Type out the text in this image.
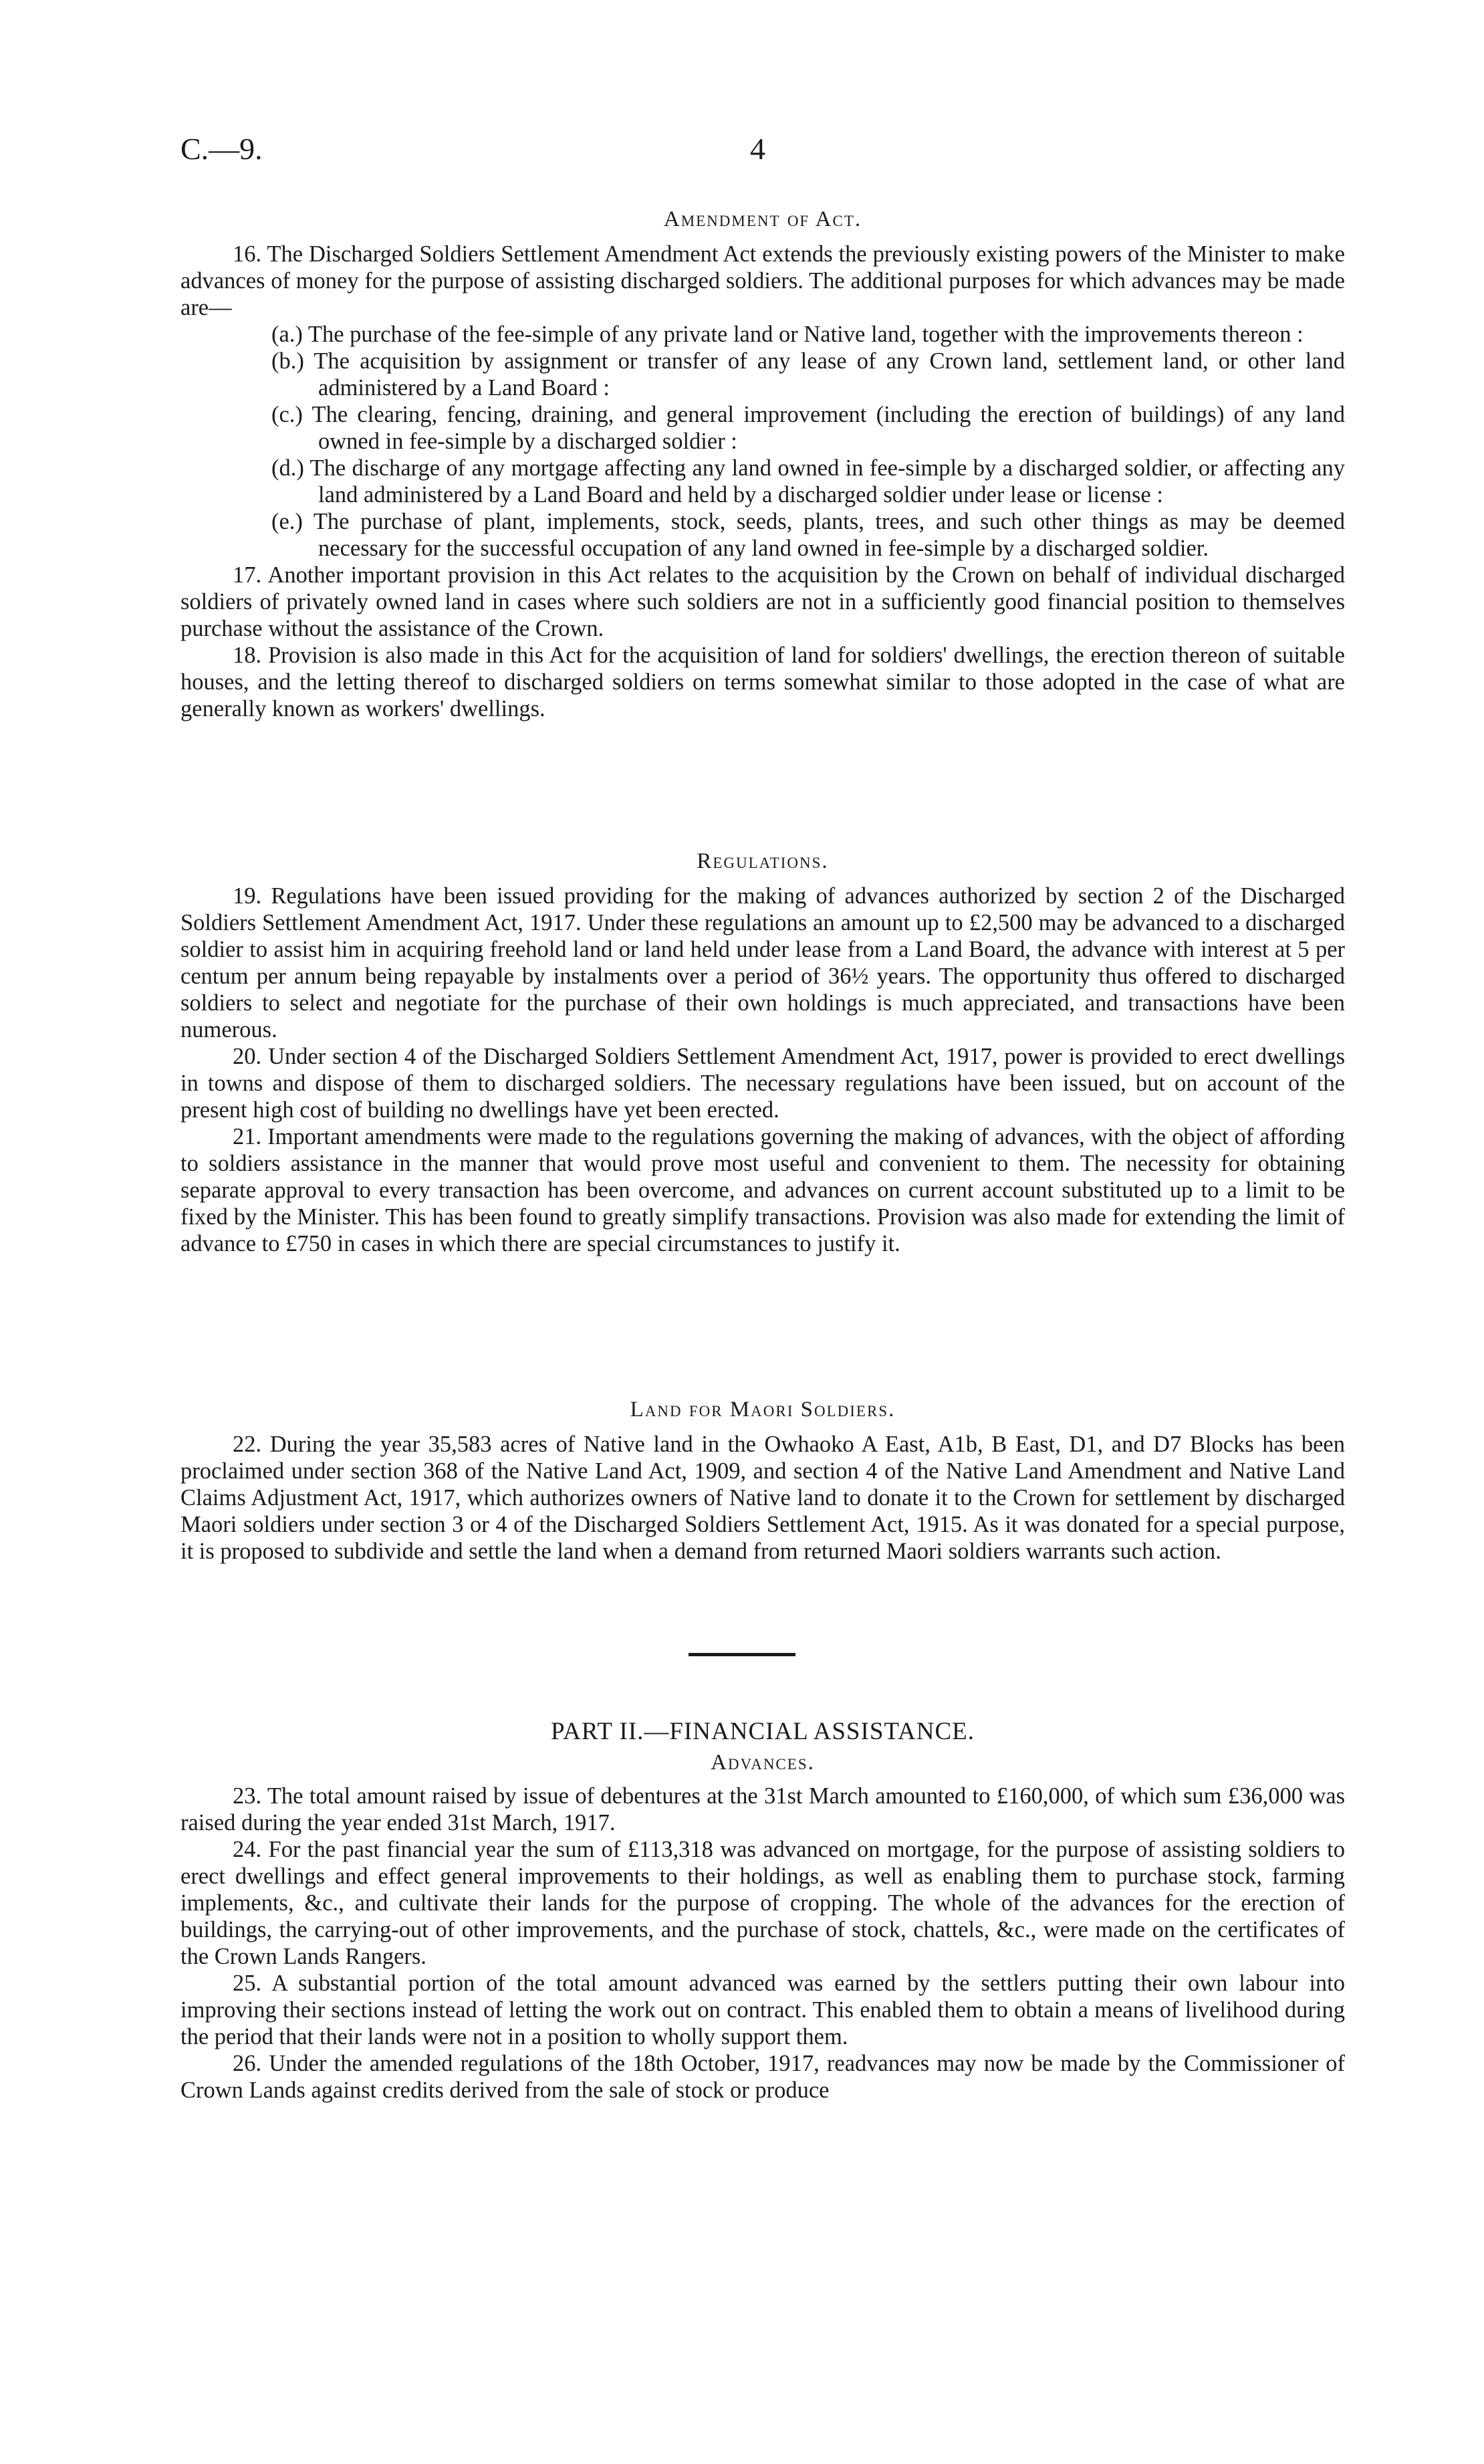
C.—9.	4

Amendment of Act.

16. The Discharged Soldiers Settlement Amendment Act extends the previously existing powers of the Minister to make advances of money for the purpose of assisting discharged soldiers. The additional purposes for which advances may be made are—

(a.) The purchase of the fee-simple of any private land or Native land, together with the improvements thereon :

(b.) The acquisition by assignment or transfer of any lease of any Crown land, settlement land, or other land administered by a Land Board :

(c.) The clearing, fencing, draining, and general improvement (including the erection of buildings) of any land owned in fee-simple by a discharged soldier :

(d.) The discharge of any mortgage affecting any land owned in fee-simple by a discharged soldier, or affecting any land administered by a Land Board and held by a discharged soldier under lease or license :

(e.) The purchase of plant, implements, stock, seeds, plants, trees, and such other things as may be deemed necessary for the successful occupation of any land owned in fee-simple by a discharged soldier.

17. Another important provision in this Act relates to the acquisition by the Crown on behalf of individual discharged soldiers of privately owned land in cases where such soldiers are not in a sufficiently good financial position to themselves purchase without the assistance of the Crown.

18. Provision is also made in this Act for the acquisition of land for soldiers' dwellings, the erection thereon of suitable houses, and the letting thereof to discharged soldiers on terms somewhat similar to those adopted in the case of what are generally known as workers' dwellings.

Regulations.

19. Regulations have been issued providing for the making of advances authorized by section 2 of the Discharged Soldiers Settlement Amendment Act, 1917. Under these regulations an amount up to £2,500 may be advanced to a discharged soldier to assist him in acquiring freehold land or land held under lease from a Land Board, the advance with interest at 5 per centum per annum being repayable by instalments over a period of 36½ years. The opportunity thus offered to discharged soldiers to select and negotiate for the purchase of their own holdings is much appreciated, and transactions have been numerous.

20. Under section 4 of the Discharged Soldiers Settlement Amendment Act, 1917, power is provided to erect dwellings in towns and dispose of them to discharged soldiers. The necessary regulations have been issued, but on account of the present high cost of building no dwellings have yet been erected.

21. Important amendments were made to the regulations governing the making of advances, with the object of affording to soldiers assistance in the manner that would prove most useful and convenient to them. The necessity for obtaining separate approval to every transaction has been overcome, and advances on current account substituted up to a limit to be fixed by the Minister. This has been found to greatly simplify transactions. Provision was also made for extending the limit of advance to £750 in cases in which there are special circumstances to justify it.

Land for Maori Soldiers.

22. During the year 35,583 acres of Native land in the Owhaoko A East, A1b, B East, D1, and D7 Blocks has been proclaimed under section 368 of the Native Land Act, 1909, and section 4 of the Native Land Amendment and Native Land Claims Adjustment Act, 1917, which authorizes owners of Native land to donate it to the Crown for settlement by discharged Maori soldiers under section 3 or 4 of the Discharged Soldiers Settlement Act, 1915. As it was donated for a special purpose, it is proposed to subdivide and settle the land when a demand from returned Maori soldiers warrants such action.

PART II.—FINANCIAL ASSISTANCE.

Advances.

23. The total amount raised by issue of debentures at the 31st March amounted to £160,000, of which sum £36,000 was raised during the year ended 31st March, 1917.

24. For the past financial year the sum of £113,318 was advanced on mortgage, for the purpose of assisting soldiers to erect dwellings and effect general improvements to their holdings, as well as enabling them to purchase stock, farming implements, &c., and cultivate their lands for the purpose of cropping. The whole of the advances for the erection of buildings, the carrying-out of other improvements, and the purchase of stock, chattels, &c., were made on the certificates of the Crown Lands Rangers.

25. A substantial portion of the total amount advanced was earned by the settlers putting their own labour into improving their sections instead of letting the work out on contract. This enabled them to obtain a means of livelihood during the period that their lands were not in a position to wholly support them.

26. Under the amended regulations of the 18th October, 1917, readvances may now be made by the Commissioner of Crown Lands against credits derived from the sale of stock or produce
